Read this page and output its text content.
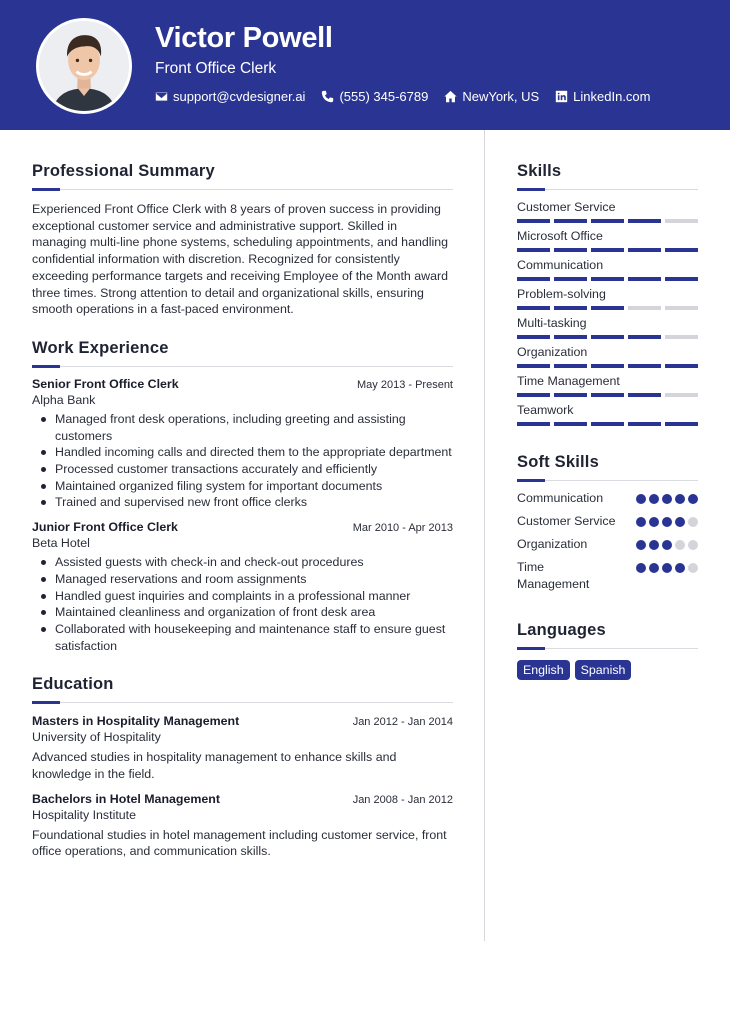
Victor Powell
Front Office Clerk
support@cvdesigner.ai	(555) 345-6789	NewYork, US	LinkedIn.com
Professional Summary

Experienced Front Office Clerk with 8 years of proven success in providing exceptional customer service and administrative support. Skilled in managing multi-line phone systems, scheduling appointments, and handling confidential information with discretion. Recognized for consistently exceeding performance targets and receiving Employee of the Month award three times. Strong attention to detail and organizational skills, ensuring smooth operations in a fast-paced environment.

Work Experience
Senior Front Office Clerk	May 2013 - Present
Alpha Bank
Managed front desk operations, including greeting and assisting customers
Handled incoming calls and directed them to the appropriate department
Processed customer transactions accurately and efficiently
Maintained organized filing system for important documents
Trained and supervised new front office clerks
Junior Front Office Clerk	Mar 2010 - Apr 2013
Beta Hotel
Assisted guests with check-in and check-out procedures
Managed reservations and room assignments
Handled guest inquiries and complaints in a professional manner
Maintained cleanliness and organization of front desk area
Collaborated with housekeeping and maintenance staff to ensure guest satisfaction
Education
Masters in Hospitality Management	Jan 2012 - Jan 2014
University of Hospitality

Advanced studies in hospitality management to enhance skills and knowledge in the field.

Bachelors in Hotel Management	Jan 2008 - Jan 2012
Hospitality Institute

Foundational studies in hotel management including customer service, front office operations, and communication skills.

Skills
Customer Service
Microsoft Office
Communication
Problem-solving
Multi-tasking
Organization
Time Management
Teamwork
Soft Skills
Communication
Customer Service
Organization
Time Management
Languages
English	Spanish
